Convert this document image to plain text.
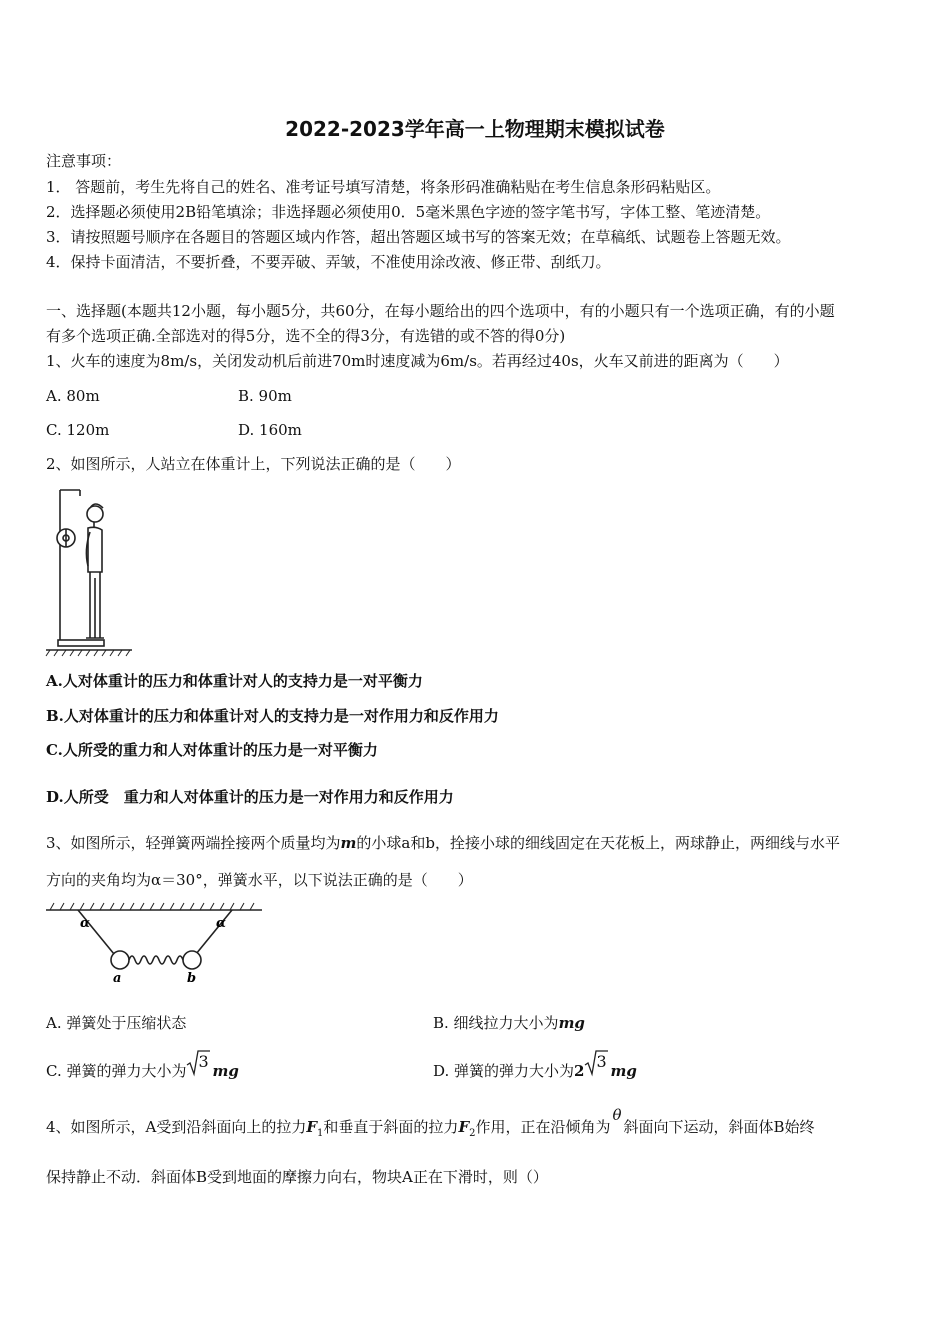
2022-2023学年高一上物理期末模拟试卷
注意事项：
1． 答题前，考生先将自己的姓名、准考证号填写清楚，将条形码准确粘贴在考生信息条形码粘贴区。
2．选择题必须使用2B铅笔填涂；非选择题必须使用0．5毫米黑色字迹的签字笔书写，字体工整、笔迹清楚。
3．请按照题号顺序在各题目的答题区域内作答，超出答题区域书写的答案无效；在草稿纸、试题卷上答题无效。
4．保持卡面清洁，不要折叠，不要弄破、弄皱，不准使用涂改液、修正带、刮纸刀。
一、选择题(本题共12小题，每小题5分，共60分，在每小题给出的四个选项中，有的小题只有一个选项正确，有的小题
有多个选项正确.全部选对的得5分，选不全的得3分，有选错的或不答的得0分)
1、火车的速度为8m/s，关闭发动机后前进70m时速度减为6m/s。若再经过40s，火车又前进的距离为（　　）
A. 80m	B. 90m
C. 120m	D. 160m
2、如图所示，人站立在体重计上，下列说法正确的是（　　）
A.人对体重计的压力和体重计对人的支持力是一对平衡力
B.人对体重计的压力和体重计对人的支持力是一对作用力和反作用力
C.人所受的重力和人对体重计的压力是一对平衡力
D.人所受　重力和人对体重计的压力是一对作用力和反作用力
3、如图所示，轻弹簧两端拴接两个质量均为m的小球a和b，拴接小球的细线固定在天花板上，两球静止，两细线与水平
方向的夹角均为α＝30°，弹簧水平，以下说法正确的是（　　）
α	α
a	b
A. 弹簧处于压缩状态	B. 细线拉力大小为mg
C. 弹簧的弹力大小为 3 mg	D. 弹簧的弹力大小为2 3 mg
4、如图所示，A受到沿斜面向上的拉力$F_1$和垂直于斜面的拉力$F_2$作用，正在沿倾角为θ斜面向下运动，斜面体B始终
保持静止不动．斜面体B受到地面的摩擦力向右，物块A正在下滑时，则（）
